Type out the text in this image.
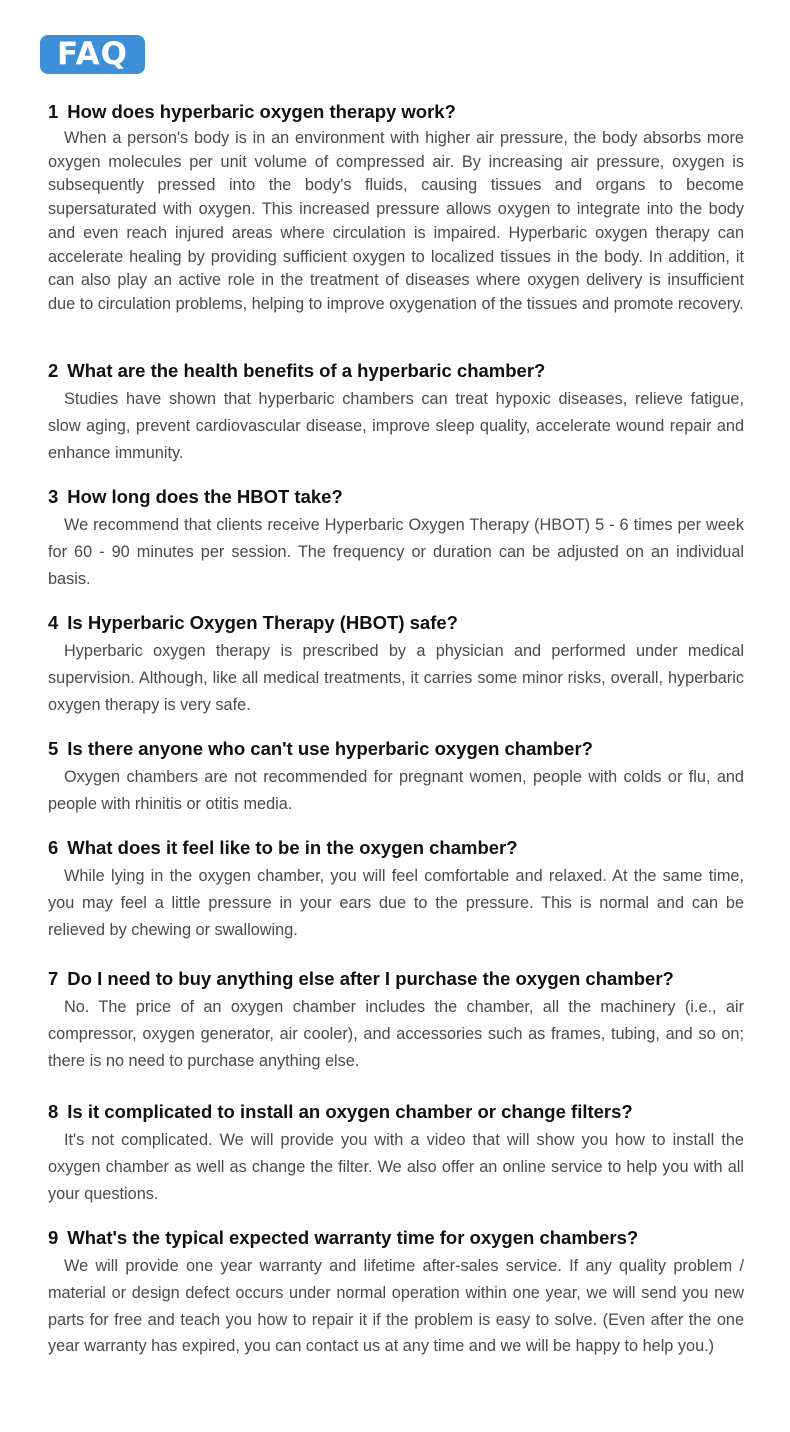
FAQ

1 How does hyperbaric oxygen therapy work?

When a person's body is in an environment with higher air pressure, the body absorbs more oxygen molecules per unit volume of compressed air. By increasing air pressure, oxygen is subsequently pressed into the body's fluids, causing tissues and organs to become supersaturated with oxygen. This increased pressure allows oxygen to integrate into the body and even reach injured areas where circulation is impaired. Hyperbaric oxygen therapy can accelerate healing by providing sufficient oxygen to localized tissues in the body. In addition, it can also play an active role in the treatment of diseases where oxygen delivery is insufficient due to circulation problems, helping to improve oxygenation of the tissues and promote recovery.

2 What are the health benefits of a hyperbaric chamber?

Studies have shown that hyperbaric chambers can treat hypoxic diseases, relieve fatigue, slow aging, prevent cardiovascular disease, improve sleep quality, accelerate wound repair and enhance immunity.

3 How long does the HBOT take?

We recommend that clients receive Hyperbaric Oxygen Therapy (HBOT) 5 - 6 times per week for 60 - 90 minutes per session. The frequency or duration can be adjusted on an individual basis.

4 Is Hyperbaric Oxygen Therapy (HBOT) safe?

Hyperbaric oxygen therapy is prescribed by a physician and performed under medical supervision. Although, like all medical treatments, it carries some minor risks, overall, hyperbaric oxygen therapy is very safe.

5 Is there anyone who can't use hyperbaric oxygen chamber?

Oxygen chambers are not recommended for pregnant women, people with colds or flu, and people with rhinitis or otitis media.

6 What does it feel like to be in the oxygen chamber?

While lying in the oxygen chamber, you will feel comfortable and relaxed. At the same time, you may feel a little pressure in your ears due to the pressure. This is normal and can be relieved by chewing or swallowing.

7 Do I need to buy anything else after I purchase the oxygen chamber?

No. The price of an oxygen chamber includes the chamber, all the machinery (i.e., air compressor, oxygen generator, air cooler), and accessories such as frames, tubing, and so on; there is no need to purchase anything else.

8 Is it complicated to install an oxygen chamber or change filters?

It's not complicated. We will provide you with a video that will show you how to install the oxygen chamber as well as change the filter. We also offer an online service to help you with all your questions.

9 What's the typical expected warranty time for oxygen chambers?

We will provide one year warranty and lifetime after-sales service. If any quality problem / material or design defect occurs under normal operation within one year, we will send you new parts for free and teach you how to repair it if the problem is easy to solve. (Even after the one year warranty has expired, you can contact us at any time and we will be happy to help you.)
